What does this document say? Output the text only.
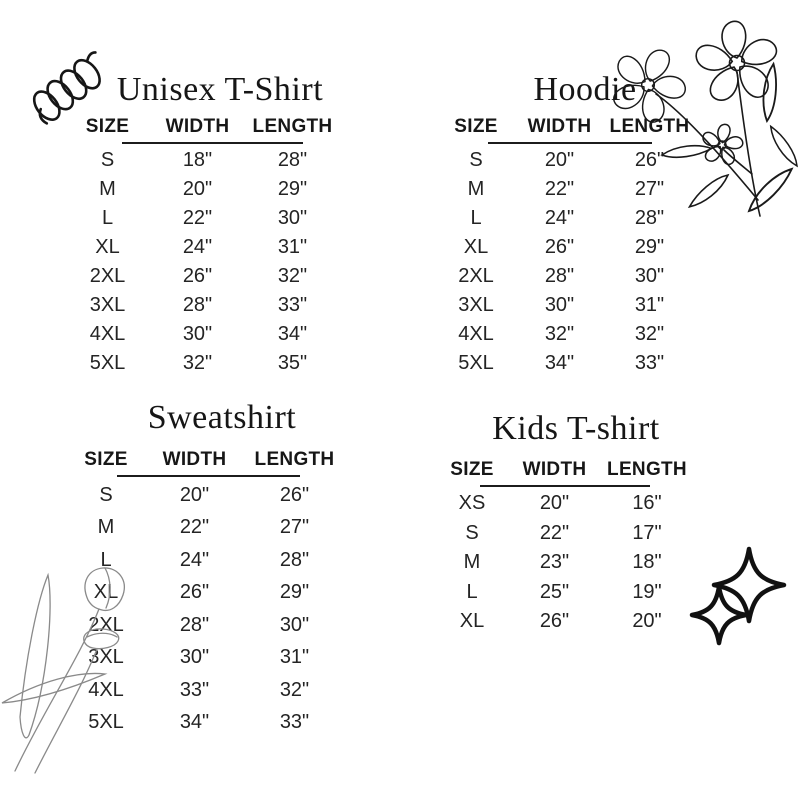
Unisex T-Shirt	Hoodie
Sweatshirt	Kids T-shirt
SIZE	WIDTH	LENGTH
S	18"	28"
M	20"	29"
L	22"	30"
XL	24"	31"
2XL	26"	32"
3XL	28"	33"
4XL	30"	34"
5XL	32"	35"
SIZE	WIDTH LENGTH
S	20"	26"
M	22"	27"
L	24"	28"
XL	26"	29"
2XL	28"	30"
3XL	30"	31"
4XL	32"	32"
5XL	34"	33"
SIZE	WIDTH	LENGTH
S	20"	26"
M	22"	27"
L	24"	28"
XL	26"	29"
2XL	28"	30"
3XL	30"	31"
4XL	33"	32"
5XL	34"	33"
SIZE	WIDTH	LENGTH
XS	20"	16"
S	22"	17"
M	23"	18"
L	25"	19"
XL	26"	20"
